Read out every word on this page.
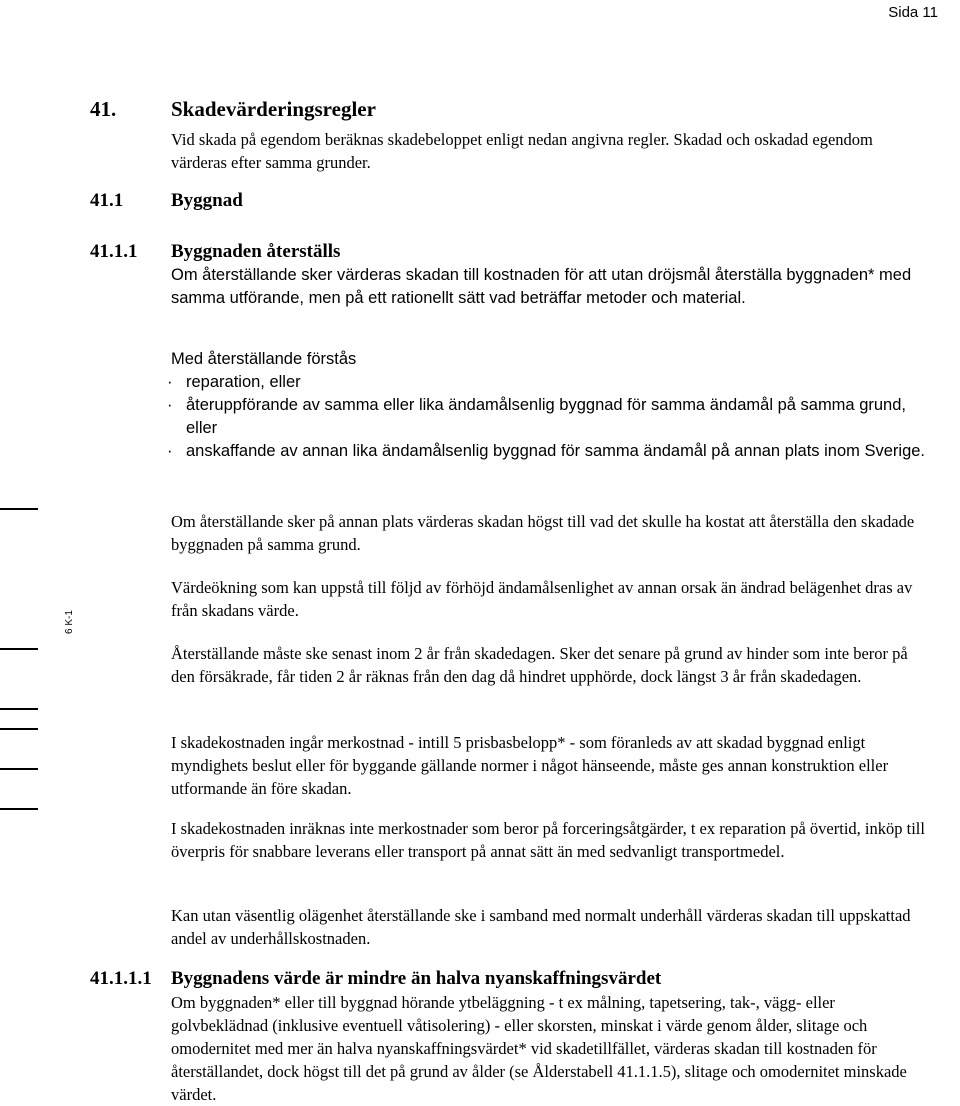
Sida 11
6 K-1
41.	Skadevärderingsregler

Vid skada på egendom beräknas skadebeloppet enligt nedan angivna regler. Skadad och oskadad egendom värderas efter samma grunder.

41.1	Byggnad
41.1.1 Byggnaden återställs

Om återställande sker värderas skadan till kostnaden för att utan dröjsmål återställa byggnaden* med samma utförande, men på ett rationellt sätt vad beträffar metoder och material.

Med återställande förstås

· reparation, eller
· återuppförande av samma eller lika ändamålsenlig byggnad för samma ändamål på samma grund, eller
· anskaffande av annan lika ändamålsenlig byggnad för samma ändamål på annan plats inom Sverige.

Om återställande sker på annan plats värderas skadan högst till vad det skulle ha kostat att återställa den skadade byggnaden på samma grund.

Värdeökning som kan uppstå till följd av förhöjd ändamålsenlighet av annan orsak än ändrad belägenhet dras av från skadans värde.

Återställande måste ske senast inom 2 år från skadedagen. Sker det senare på grund av hinder som inte beror på den försäkrade, får tiden 2 år räknas från den dag då hindret upphörde, dock längst 3 år från skadedagen.

I skadekostnaden ingår merkostnad - intill 5 prisbasbelopp* - som föranleds av att skadad byggnad enligt myndighets beslut eller för byggande gällande normer i något hänseende, måste ges annan konstruktion eller utformande än före skadan.

I skadekostnaden inräknas inte merkostnader som beror på forceringsåtgärder, t ex reparation på övertid, inköp till överpris för snabbare leverans eller transport på annat sätt än med sedvanligt transportmedel.

Kan utan väsentlig olägenhet återställande ske i samband med normalt underhåll värderas skadan till uppskattad andel av underhållskostnaden.

41.1.1.1 Byggnadens värde är mindre än halva nyanskaffningsvärdet

Om byggnaden* eller till byggnad hörande ytbeläggning - t ex målning, tapetsering, tak-, vägg- eller golvbeklädnad (inklusive eventuell våtisolering) - eller skorsten, minskat i värde genom ålder, slitage och omodernitet med mer än halva nyanskaffningsvärdet* vid skadetillfället, värderas skadan till kostnaden för återställandet, dock högst till det på grund av ålder (se Ålderstabell 41.1.1.5), slitage och omodernitet minskade värdet.
